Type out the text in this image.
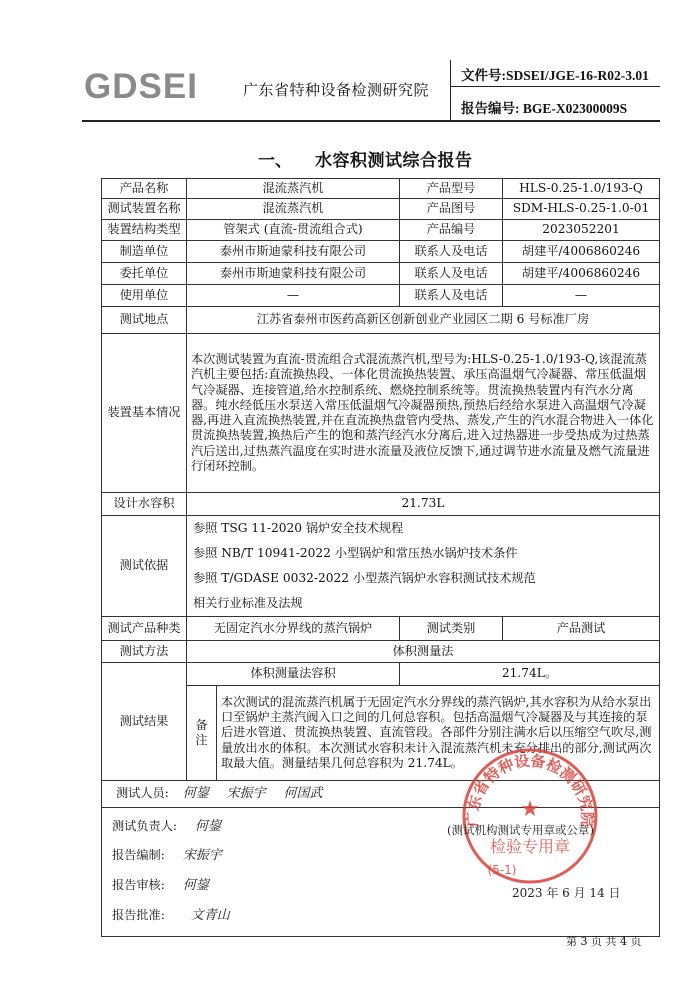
GDSEI	广东省特种设备检测研究院
文件号:SDSEI/JGE-16-R02-3.01
报告编号: BGE-X02300009S
一、 水容积测试综合报告
产品名称	混流蒸汽机		产品型号	HLS-0.25-1.0/193-Q
测试装置名称	混流蒸汽机		产品图号	SDM-HLS-0.25-1.0-01
装置结构类型	管架式 (直流-贯流组合式)		产品编号	2023052201
制造单位	泰州市斯迪蒙科技有限公司		联系人及电话	胡建平/4006860246
委托单位	泰州市斯迪蒙科技有限公司		联系人及电话	胡建平/4006860246
使用单位	—		联系人及电话	—
测试地点	江苏省泰州市医药高新区创新创业产业园区二期 6 号标准厂房			
装置基本情况	本次测试装置为直流-贯流组合式混流蒸汽机,型号为:HLS-0.25-1.0/193-Q,该混流蒸汽机主要包括:直流换热段、一体化贯流换热装置、承压高温烟气冷凝器、常压低温烟气冷凝器、连接管道,给水控制系统、燃烧控制系统等。贯流换热装置内有汽水分离器。纯水经低压水泵送入常压低温烟气冷凝器预热,预热后经给水泵进入高温烟气冷凝器,再进入直流换热装置,并在直流换热盘管内受热、蒸发,产生的汽水混合物进入一体化贯流换热装置,换热后产生的饱和蒸汽经汽水分离后,进入过热器进一步受热成为过热蒸汽后送出,过热蒸汽温度在实时进水流量及液位反馈下,通过调节进水流量及燃气流量进行闭环控制。			
设计水容积	21.73L			
测试依据	参照 TSG 11-2020 锅炉安全技术规程
参照 NB/T 10941-2022 小型锅炉和常压热水锅炉技术条件
参照 T/GDASE 0032-2022 小型蒸汽锅炉水容积测试技术规范
相关行业标准及法规			

测试产品种类	无固定汽水分界线的蒸汽锅炉		测试类别	产品测试
测试方法	体积测量法			
测试结果	体积测量法容积		21.74L。	
	备注	本次测试的混流蒸汽机属于无固定汽水分界线的蒸汽锅炉,其水容积为从给水泵出口至锅炉主蒸汽阀入口之间的几何总容积。包括高温烟气冷凝器及与其连接的泵后进水管道、贯流换热装置、直流管段。各部件分别注满水后以压缩空气吹尽,测量放出水的体积。本次测试水容积未计入混流蒸汽机未充分排出的部分,测试两次取最大值。测量结果几何总容积为 21.74L。		
测试人员: 何鋆 宋振宇 何国武				

测试负责人: 何鋆
报告编制: 宋振宇
报告审核: 何鋆
报告批准: 文青山				
广东省特种设备检测研究院
★
检验专用章
(5-1)
(测试机构测试专用章或公章)
2023 年 6 月 14 日
第 3 页 共 4 页
